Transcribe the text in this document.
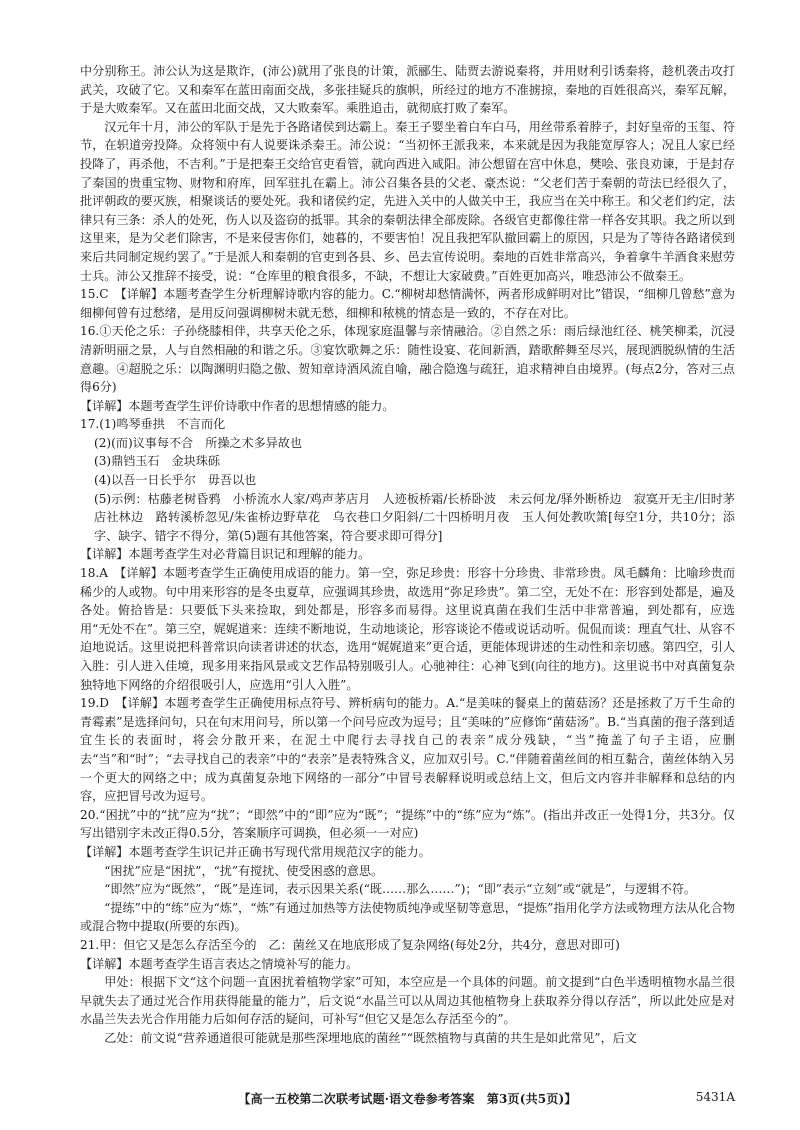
中分别称王。沛公认为这是欺诈，(沛公)就用了张良的计策，派郦生、陆贾去游说秦将，并用财利引诱秦将，趁机袭击攻打武关，攻破了它。又和秦军在蓝田南面交战，多张挂疑兵的旗帜，所经过的地方不准掳掠，秦地的百姓很高兴，秦军瓦解，于是大败秦军。又在蓝田北面交战，又大败秦军。乘胜追击，就彻底打败了秦军。

汉元年十月，沛公的军队于是先于各路诸侯到达霸上。秦王子婴坐着白车白马，用丝带系着脖子，封好皇帝的玉玺、符节，在轵道旁投降。众将领中有人说要诛杀秦王。沛公说：“当初怀王派我来，本来就是因为我能宽厚容人；况且人家已经投降了，再杀他，不吉利。”于是把秦王交给官吏看管，就向西进入咸阳。沛公想留在宫中休息，樊哙、张良劝谏，于是封存了秦国的贵重宝物、财物和府库，回军驻扎在霸上。沛公召集各县的父老、豪杰说：“父老们苦于秦朝的苛法已经很久了，批评朝政的要灭族，相聚谈话的要处死。我和诸侯约定，先进入关中的人做关中王，我应当在关中称王。和父老们约定，法律只有三条：杀人的处死，伤人以及盗窃的抵罪。其余的秦朝法律全部废除。各级官吏都像往常一样各安其职。我之所以到这里来，是为父老们除害，不是来侵害你们，她暮的，不要害怕！况且我把军队撤回霸上的原因，只是为了等待各路诸侯到来后共同制定规约罢了。”于是派人和秦朝的官吏到各县、乡、邑去宣传说明。秦地的百姓非常高兴，争着拿牛羊酒食来慰劳士兵。沛公又推辞不接受，说：“仓库里的粮食很多，不缺，不想让大家破费。”百姓更加高兴，唯恐沛公不做秦王。

15.C　【详解】本题考查学生分析理解诗歌内容的能力。C.“柳树却愁情满怀，两者形成鲜明对比”错误，“细柳几曾愁”意为细柳何曾有过愁绪，是用反问强调柳树未就无愁，细柳和秾桃的情态是一致的，不存在对比。

16.①天伦之乐：子孙绕膝相伴，共享天伦之乐，体现家庭温馨与亲情融洽。②自然之乐：雨后绿池红径、桃笑柳柔，沉浸清新明丽之景，人与自然相融的和谐之乐。③宴饮歌舞之乐：随性设宴、花间新酒，踏歌醉舞至尽兴，展现洒脱纵情的生活意趣。④超脱之乐：以陶渊明归隐之傲、贺知章诗酒风流自喻，融合隐逸与疏狂，追求精神自由境界。(每点2分，答对三点得6分)

【详解】本题考查学生评价诗歌中作者的思想情感的能力。

17.(1)鸣琴垂拱　不言而化

(2)(而)议事每不合　所操之术多异故也

(3)鼎铛玉石　金块珠砾

(4)以吾一日长乎尔　毋吾以也

(5)示例：枯藤老树昏鸦　小桥流水人家/鸡声茅店月　人迹板桥霜/长桥卧波　未云何龙/驿外断桥边　寂寞开无主/旧时茅店社林边　路转溪桥忽见/朱雀桥边野草花　乌衣巷口夕阳斜/二十四桥明月夜　玉人何处教吹箫[每空1分，共10分；添字、缺字、错字不得分，第(5)题有其他答案，符合要求即可得分]

【详解】本题考查学生对必背篇目识记和理解的能力。

18.A　【详解】本题考查学生正确使用成语的能力。第一空，弥足珍贵：形容十分珍贵、非常珍贵。凤毛麟角：比喻珍贵而稀少的人或物。句中用来形容的是冬虫夏草，应强调其珍贵，故选用“弥足珍贵”。第二空，无处不在：形容到处都是，遍及各处。俯拾皆是：只要低下头来捡取，到处都是，形容多而易得。这里说真菌在我们生活中非常普遍，到处都有，应选用“无处不在”。第三空，娓娓道来：连续不断地说，生动地谈论，形容谈论不倦或说话动听。侃侃而谈：理直气壮、从容不迫地说话。这里说把科普常识向读者讲述的状态，选用“娓娓道来”更合适，更能体现讲述的生动性和亲切感。第四空，引人入胜：引人进入佳境，现多用来指风景或文艺作品特别吸引人。心驰神往：心神飞到(向往的地方)。这里说书中对真菌复杂独特地下网络的介绍很吸引人，应选用“引人入胜”。

19.D　【详解】本题考查学生正确使用标点符号、辨析病句的能力。A.“是美味的餐桌上的菌菇汤？还是拯救了万千生命的青霉素”是选择问句，只在句末用问号，所以第一个问号应改为逗号；且“美味的”应修饰“菌菇汤”。B.“当真菌的孢子落到适宜生长的表面时，将会分散开来，在泥土中爬行去寻找自己的表亲”成分残缺，“当”掩盖了句子主语，应删去“当”和“时”；“去寻找自己的表亲”中的“表亲”是表特殊含义，应加双引号。C.“伴随着菌丝间的相互黏合，菌丝体纳入另一个更大的网络之中；成为真菌复杂地下网络的一部分”中冒号表解释说明或总结上文，但后文内容并非解释和总结的内容，应把冒号改为逗号。

20.“困扰”中的“扰”应为“扰”；“即然”中的“即”应为“既”；“提练”中的“练”应为“炼”。(指出并改正一处得1分，共3分。仅写出错别字未改正得0.5分，答案顺序可调换，但必须一一对应)

【详解】本题考查学生识记并正确书写现代常用规范汉字的能力。

“困扰”应是“困扰”，“扰”有搅扰、使受困惑的意思。

“即然”应为“既然”，“既”是连词，表示因果关系(“既……那么……”)；“即”表示“立刻”或“就是”，与逻辑不符。

“提练”中的“练”应为“炼”，“炼”有通过加热等方法使物质纯净或坚韧等意思，“提炼”指用化学方法或物理方法从化合物或混合物中提取(所要的东西)。

21.甲：但它又是怎么存活至今的　乙：菌丝又在地底形成了复杂网络(每处2分，共4分，意思对即可)

【详解】本题考查学生语言表达之情境补写的能力。

甲处：根据下文“这个问题一直困扰着植物学家”可知，本空应是一个具体的问题。前文提到“白色半透明植物水晶兰很早就失去了通过光合作用获得能量的能力”，后文说“水晶兰可以从周边其他植物身上获取养分得以存活”，所以此处应是对水晶兰失去光合作用能力后如何存活的疑问，可补写“但它又是怎么存活至今的”。

乙处：前文说“营养通道很可能就是那些深埋地底的菌丝”“既然植物与真菌的共生是如此常见”，后文

【高一五校第二次联考试题·语文卷参考答案　第3页(共5页)】	5431A
